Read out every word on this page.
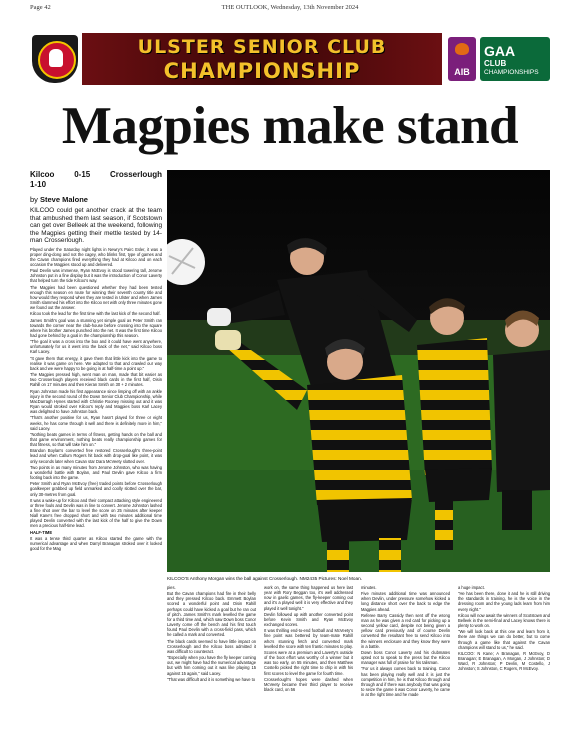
Page 42	THE OUTLOOK, Wednesday, 13th November 2024
ULSTER SENIOR CLUB
CHAMPIONSHIP	AIB
GAA
CLUB
CHAMPIONSHIPS
Magpies make stand
Kilcoo 0-15 Crosserlough
1-10
by Steve Malone

KILCOO could get another crack at the team that ambushed them last season, if Scotstown can get over Belleek at the weekend, following the Magpies getting their mettle tested by 14-man Crosserlough.

Played under the Saturday night lights in Newry's Pairc Esler, it was a proper ding-dong and not the cagey, who blinks first, type of games and the Cavan champions fired everything they had at Kilcoo and on each occasion the Magpies stood up and delivered.

Paul Devlin was immense, Ryan McEvoy is stood towering tall, Jerome Johnston put in a fine display but it was the introduction of Conor Laverty that helped turn the tide Kilcoo's way.

The Magpies had been questioned whether they had been tested enough this season en route for winning their seventh county title and how would they respond when they are tested in Ulster and when James Smith slammed his effort into the Kilcoo net with only three minutes gone we found out the answer.

Kilcoo took the lead for the first time with the last kick of the second half.

James Smith's goal was a stunning yet simple goal as Peter Smith ran towards the corner near the club-house before crossing into the square where his brother James punched into the net. It was the first time Kilcoo had gone behind by a goal in the championship this season.

"The goal it was a cross into the box and it could have went anywhere, unfortunately for us it went into the back of the net," said Kilcoo boss Karl Lacey.

"It gave them that energy, it gave them that little kick into the game to realise it was game on here. We adapted to that and crawled our way back and we were happy to be going in at half-time a point up."

The Magpies pressed high, went man on man, made that bit easier as two Crosserlough players received black cards in the first half, Oisin Rahill on 17 minutes and then Kieran Smith on 30 + 2 minutes.

Ryan Johnston made his first appearance since limping off with an ankle injury in the second round of the Down Senior Club Championship, while MacDarragh Hynes started with Christie Rooney missing out and it was Ryan would stroked over Kilcoo's reply and Magpies boss Karl Lacey was delighted to have Johnston back.

"That's another positive for us, Ryan hasn't played for three or eight weeks, he has come through it well and there is definitely more in him," said Lacey.

"Nothing beats games in terms of fitness, getting hands on the ball and that game environment, nothing beats really championship games for that fitness, so that will take him on."

Brandon Boylan's converted free restored Crosserlough's three-point lead and when Callum Rogers hit back with drop-goal like point, it was only seconds later when Cavan star Dara McVeety slotted over.

Two points in as many minutes from Jerome Johnston, who was having a wonderful battle with Boylan, and Paul Devlin gave Kilcoo a firm footing back into the game.

Peter Smith and Ryan McEvoy (free) traded points before Crosserlough goalkeeper grabbed up field unmarked and coolly slotted over the bar, only 30-metres from goal.

It was a wake-up for Kilcoo and their compact attacking style engineered or three fouls and Devlin was in line to convert. Jerome Johnston lashed a fine shot over the bar to level the score on 25 minutes after keeper Niall Kane's free dropped short and with two minutes additional time played Devlin converted with the last kick of the half to give the Down men a precious half-time lead.

HALF-TIME

It was a tense third quarter as Kilcoo started the game with the numerical advantage and when Darryl Branagan stroked over it looked good for the Mag

KILCOO'S Anthony Morgan wins the ball against Crosserlough. NM2435 Pictures: Noel Moan.

pies.

But the Cavan champions had fire in their belly and they pressed Kilcoo back. Emmett Boylan scored a wonderful point and Oisin Rahill perhaps could have kicked a goal but he ran out of pitch. James Smith's mark levelled the game for a third time and, which saw Down boss Conor Laverty come off the bench and his first touch found Paul Devlin with a cross-field pass, which he called a mark and converted.

The black cards seemed to have little impact on Crosserlough and the Kilcoo boss admitted it was difficult to counteract.

"Especially when you have the fly keeper coming out, we might have had the numerical advantage but with him coming out it was like playing 15 against 15 again," said Lacey.

"That was difficult and it is something we have to

work on, the same thing happened us here last year with Rory Beggan too, it's well addressed now in gaelic games, the fly-keeper coming out and it's a played well it is very effective and they played it well tonight."

Devlin followed up with another converted point before Kevin Smith and Ryan McEvoy exchanged scores.

It was thrilling end-to-end football and McVeety's fine point was bettered by team-mate Rahill who's stunning fetch and converted mark levelled the score with ten frantic minutes to play.

Scores were at a premium and Laverty's outside of the boot effort was worthy of a winner but it was too early, on 55 minutes, and then Matthew Costello picked the right time to chip in with his first scores to level the game for fourth time.

Crosserlough's hopes were dashed when McVeety became their third player to receive black card, on 56

minutes.

Five minutes additional time was announced when Devlin, under pressure somehow kicked a long distance short over the back to edge the Magpies ahead.

Referee Barry Cassidy then sent off the wrong man as he was given a red card for picking up a second yellow card, despite not being given a yellow card previously and of course Devlin converted the resultant free to send Kilcoo into the winners enclosure and they know they were in a battle.

Down boss Conor Laverty and his clubmates opted not to speak to the press but the Kilcoo manager was full of praise for his talisman.

"For us it always comes back to training. Conor has been playing really well and it is just the competition in him, he is that Kilcoo through and through and if there was anybody that was going to seize the game it was Conor Laverty, he came in at the right time and he made

a huge impact.

"He has been there, done it and he is still driving the standards in training, he is the voice in the dressing room and the young lads learn from him every night."

Kilcoo will now await the winners of Scotstown and Belleek in the semi-final and Lacey knows there is plenty to work on.

"We will look back at this one and learn from it, there are things we can do better, but to come through a game like that against the Cavan champions will stand to us," he said.

KILCOO: N Kane; A Branagan, R McEvoy, D Branagan; E Branagan, A Morgan, J Johnston; D Ward, R Johnston; P Devlin, M Costello, J Johnston; S Johnston, C Rogers, R McEvoy.
